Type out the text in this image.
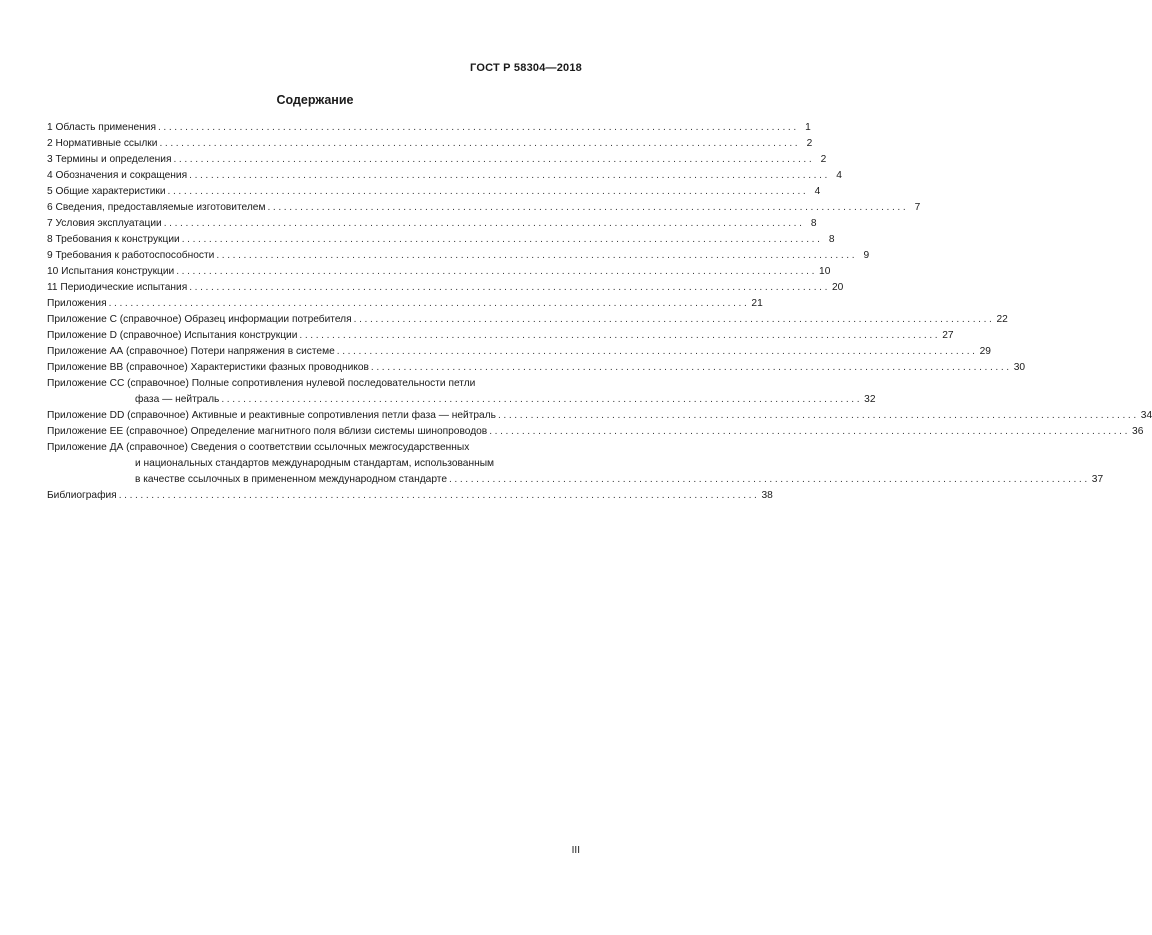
ГОСТ Р 58304—2018
Содержание
1 Область применения ...................................................................................................................... 1
2 Нормативные ссылки ...................................................................................................................... 2
3 Термины и определения ...................................................................................................................... 2
4 Обозначения и сокращения ...................................................................................................................... 4
5 Общие характеристики ...................................................................................................................... 4
6 Сведения, предоставляемые изготовителем ...................................................................................................................... 7
7 Условия эксплуатации ...................................................................................................................... 8
8 Требования к конструкции ...................................................................................................................... 8
9 Требования к работоспособности ...................................................................................................................... 9
10 Испытания конструкции ...................................................................................................................... 10
11 Периодические испытания ...................................................................................................................... 20
Приложения ...................................................................................................................... 21
Приложение С (справочное) Образец информации потребителя ...................................................................................................................... 22
Приложение D (справочное) Испытания конструкции ...................................................................................................................... 27
Приложение АА (справочное) Потери напряжения в системе ...................................................................................................................... 29
Приложение ВВ (справочное) Характеристики фазных проводников ...................................................................................................................... 30
Приложение СС (справочное) Полные сопротивления нулевой последовательности петли
фаза — нейтраль ...................................................................................................................... 32
Приложение DD (справочное) Активные и реактивные сопротивления петли фаза — нейтраль ...................................................................................................................... 34
Приложение ЕЕ (справочное) Определение магнитного поля вблизи системы шинопроводов ...................................................................................................................... 36
Приложение ДА (справочное) Сведения о соответствии ссылочных межгосударственных
и национальных стандартов международным стандартам, использованным
в качестве ссылочных в примененном международном стандарте ...................................................................................................................... 37
Библиография ...................................................................................................................... 38
III
